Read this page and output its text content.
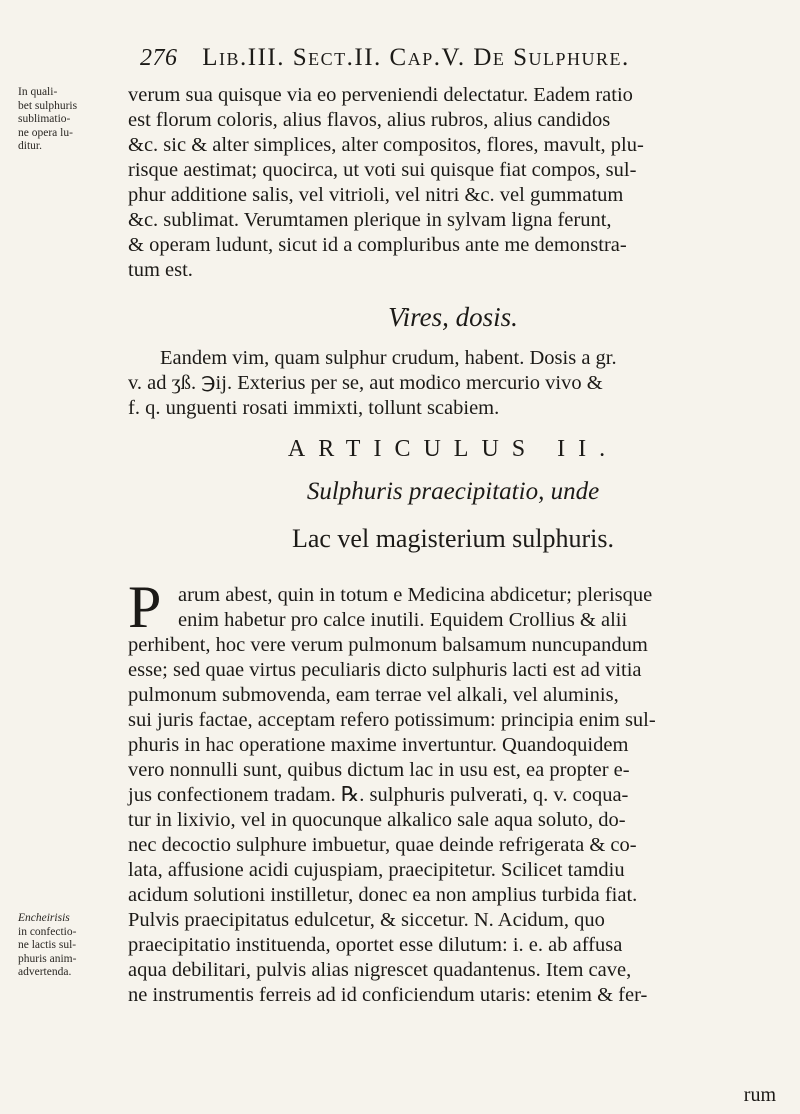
276 Lib.III. Sect.II. Cap.V. De Sulphure.
In quali-
bet sulphuris
sublimatio-
ne opera lu-
ditur.
verum sua quisque via eo perveniendi delectatur. Eadem ratio
est florum coloris, alius flavos, alius rubros, alius candidos
&c. sic & alter simplices, alter compositos, flores, mavult, plu-
risque aestimat; quocirca, ut voti sui quisque fiat compos, sul-
phur additione salis, vel vitrioli, vel nitri &c. vel gummatum
&c. sublimat. Verumtamen plerique in sylvam ligna ferunt,
& operam ludunt, sicut id a compluribus ante me demonstra-
tum est.
Vires, dosis.
Eandem vim, quam sulphur crudum, habent. Dosis a gr.
v. ad ʒß. ℈ij. Exterius per se, aut modico mercurio vivo &
f. q. unguenti rosati immixti, tollunt scabiem.
ARTICULUS II.
Sulphuris praecipitatio, unde
Lac vel magisterium sulphuris.
P arum abest, quin in totum e Medicina abdicetur; plerisque
enim habetur pro calce inutili. Equidem Crollius & alii
perhibent, hoc vere verum pulmonum balsamum nuncupandum
esse; sed quae virtus peculiaris dicto sulphuris lacti est ad vitia
pulmonum submovenda, eam terrae vel alkali, vel aluminis,
sui juris factae, acceptam refero potissimum: principia enim sul-
phuris in hac operatione maxime invertuntur. Quandoquidem
vero nonnulli sunt, quibus dictum lac in usu est, ea propter e-
jus confectionem tradam. ℞. sulphuris pulverati, q. v. coqua-
tur in lixivio, vel in quocunque alkalico sale aqua soluto, do-
nec decoctio sulphure imbuetur, quae deinde refrigerata & co-
lata, affusione acidi cujuspiam, praecipitetur. Scilicet tamdiu
acidum solutioni instilletur, donec ea non amplius turbida fiat.
Pulvis praecipitatus edulcetur, & siccetur. N. Acidum, quo
praecipitatio instituenda, oportet esse dilutum: i. e. ab affusa
aqua debilitari, pulvis alias nigrescet quadantenus. Item cave,
ne instrumentis ferreis ad id conficiendum utaris: etenim & fer-
Encheirisis
in confectio-
ne lactis sul-
phuris anim-
advertenda.
rum
